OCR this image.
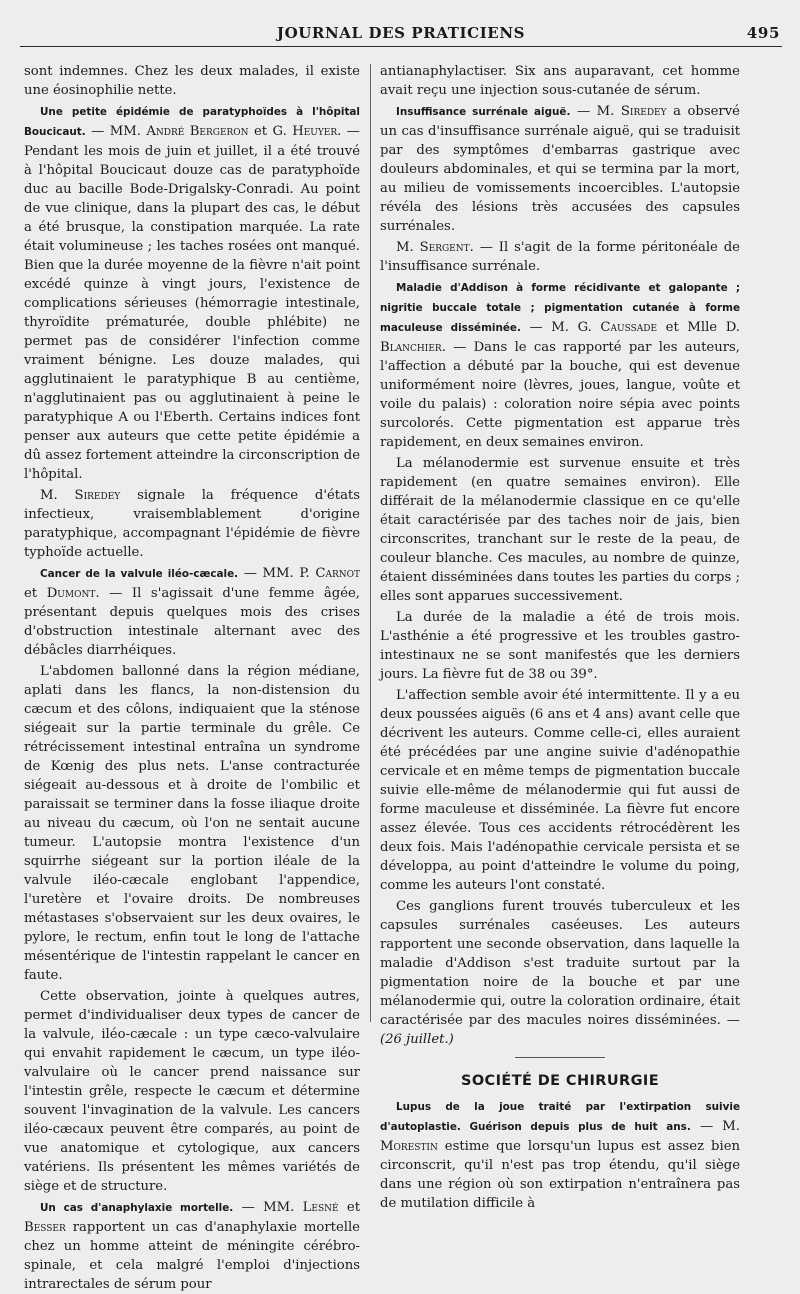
JOURNAL DES PRATICIENS	495

sont indemnes. Chez les deux malades, il existe une éosinophilie nette.

Une petite épidémie de paratyphoïdes à l'hôpital Boucicaut. — MM. André Bergeron et G. Heuyer. — Pendant les mois de juin et juillet, il a été trouvé à l'hôpital Boucicaut douze cas de paratyphoïde duc au bacille Bode-Drigalsky-Conradi. Au point de vue clinique, dans la plupart des cas, le début a été brusque, la constipation marquée. La rate était volumineuse ; les taches rosées ont manqué. Bien que la durée moyenne de la fièvre n'ait point excédé quinze à vingt jours, l'existence de complications sérieuses (hémorragie intestinale, thyroïdite prématurée, double phlébite) ne permet pas de considérer l'infection comme vraiment bénigne. Les douze malades, qui agglutinaient le paratyphique B au centième, n'agglutinaient pas ou agglutinaient à peine le paratyphique A ou l'Eberth. Certains indices font penser aux auteurs que cette petite épidémie a dû assez fortement atteindre la circonscription de l'hôpital.

M. Siredey signale la fréquence d'états infectieux, vraisemblablement d'origine paratyphique, accompagnant l'épidémie de fièvre typhoïde actuelle.

Cancer de la valvule iléo-cæcale. — MM. P. Carnot et Dumont. — Il s'agissait d'une femme âgée, présentant depuis quelques mois des crises d'obstruction intestinale alternant avec des débâcles diarrhéiques.

L'abdomen ballonné dans la région médiane, aplati dans les flancs, la non-distension du cæcum et des côlons, indiquaient que la sténose siégeait sur la partie terminale du grêle. Ce rétrécissement intestinal entraîna un syndrome de Kœnig des plus nets. L'anse contracturée siégeait au-dessous et à droite de l'ombilic et paraissait se terminer dans la fosse iliaque droite au niveau du cæcum, où l'on ne sentait aucune tumeur. L'autopsie montra l'existence d'un squirrhe siégeant sur la portion iléale de la valvule iléo-cæcale englobant l'appendice, l'uretère et l'ovaire droits. De nombreuses métastases s'observaient sur les deux ovaires, le pylore, le rectum, enfin tout le long de l'attache mésentérique de l'intestin rappelant le cancer en faute.

Cette observation, jointe à quelques autres, permet d'individualiser deux types de cancer de la valvule, iléo-cæcale : un type cæco-valvulaire qui envahit rapidement le cæcum, un type iléo-valvulaire où le cancer prend naissance sur l'intestin grêle, respecte le cæcum et détermine souvent l'invagination de la valvule. Les cancers iléo-cæcaux peuvent être comparés, au point de vue anatomique et cytologique, aux cancers vatériens. Ils présentent les mêmes variétés de siège et de structure.

Un cas d'anaphylaxie mortelle. — MM. Lesné et Besser rapportent un cas d'anaphylaxie mortelle chez un homme atteint de méningite cérébro-spinale, et cela malgré l'emploi d'injections intrarectales de sérum pour

antianaphylactiser. Six ans auparavant, cet homme avait reçu une injection sous-cutanée de sérum.

Insuffisance surrénale aiguë. — M. Siredey a observé un cas d'insuffisance surrénale aiguë, qui se traduisit par des symptômes d'embarras gastrique avec douleurs abdominales, et qui se termina par la mort, au milieu de vomissements incoercibles. L'autopsie révéla des lésions très accusées des capsules surrénales.

M. Sergent. — Il s'agit de la forme péritonéale de l'insuffisance surrénale.

Maladie d'Addison à forme récidivante et galopante ; nigritie buccale totale ; pigmentation cutanée à forme maculeuse disséminée. — M. G. Caussade et Mlle D. Blanchier. — Dans le cas rapporté par les auteurs, l'affection a débuté par la bouche, qui est devenue uniformément noire (lèvres, joues, langue, voûte et voile du palais) : coloration noire sépia avec points surcolorés. Cette pigmentation est apparue très rapidement, en deux semaines environ.

La mélanodermie est survenue ensuite et très rapidement (en quatre semaines environ). Elle différait de la mélanodermie classique en ce qu'elle était caractérisée par des taches noir de jais, bien circonscrites, tranchant sur le reste de la peau, de couleur blanche. Ces macules, au nombre de quinze, étaient disséminées dans toutes les parties du corps ; elles sont apparues successivement.

La durée de la maladie a été de trois mois. L'asthénie a été progressive et les troubles gastro-intestinaux ne se sont manifestés que les derniers jours. La fièvre fut de 38 ou 39°.

L'affection semble avoir été intermittente. Il y a eu deux poussées aiguës (6 ans et 4 ans) avant celle que décrivent les auteurs. Comme celle-ci, elles auraient été précédées par une angine suivie d'adénopathie cervicale et en même temps de pigmentation buccale suivie elle-même de mélanodermie qui fut aussi de forme maculeuse et disséminée. La fièvre fut encore assez élevée. Tous ces accidents rétrocédèrent les deux fois. Mais l'adénopathie cervicale persista et se développa, au point d'atteindre le volume du poing, comme les auteurs l'ont constaté.

Ces ganglions furent trouvés tuberculeux et les capsules surrénales caséeuses. Les auteurs rapportent une seconde observation, dans laquelle la maladie d'Addison s'est traduite surtout par la pigmentation noire de la bouche et par une mélanodermie qui, outre la coloration ordinaire, était caractérisée par des macules noires disséminées. — (26 juillet.)

SOCIÉTÉ DE CHIRURGIE

Lupus de la joue traité par l'extirpation suivie d'autoplastie. Guérison depuis plus de huit ans. — M. Morestin estime que lorsqu'un lupus est assez bien circonscrit, qu'il n'est pas trop étendu, qu'il siège dans une région où son extirpation n'entraînera pas de mutilation difficile à
